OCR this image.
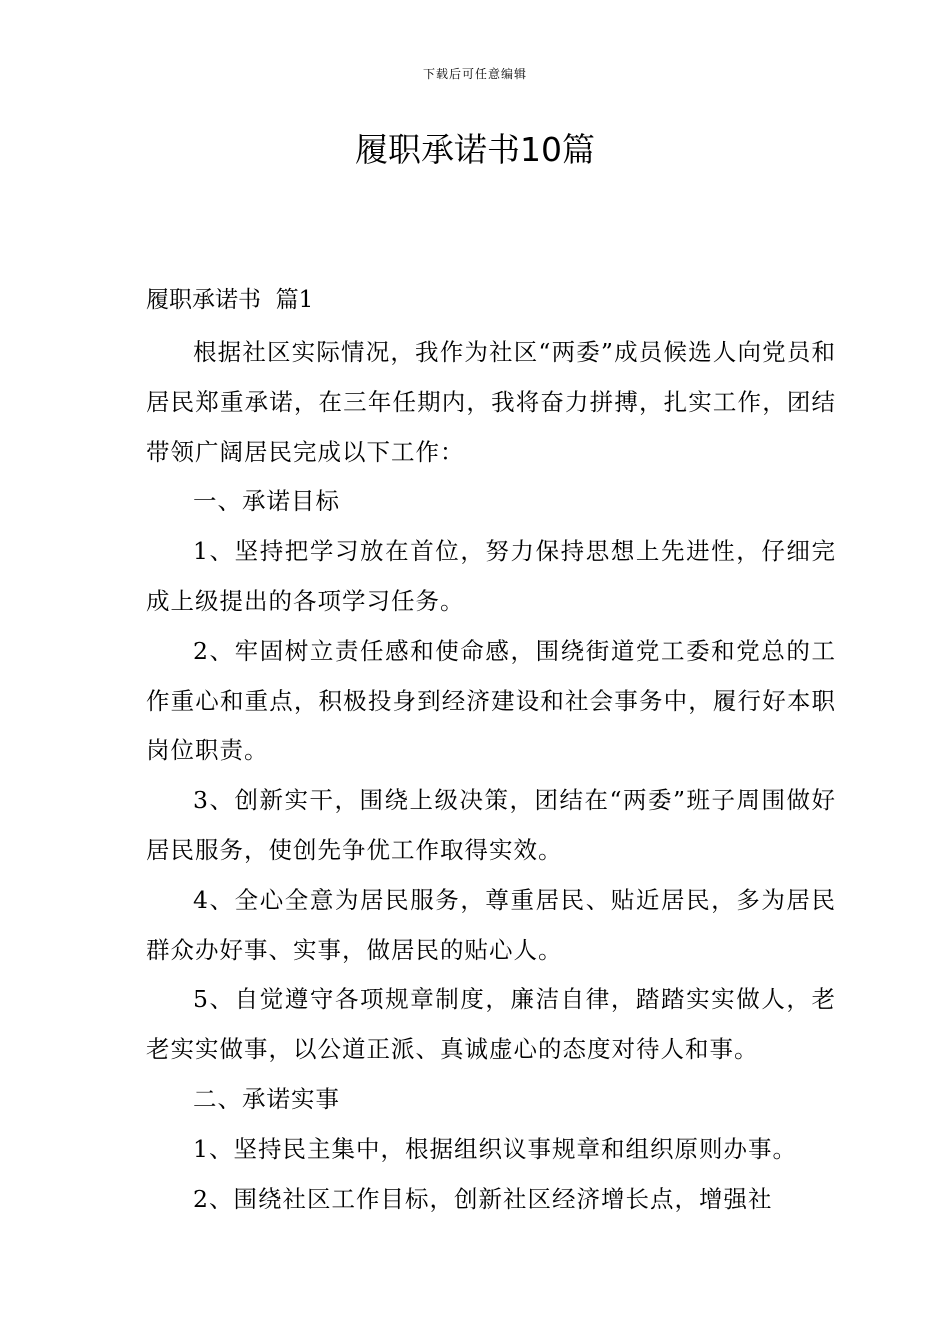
下载后可任意编辑
履职承诺书10篇
履职承诺书  篇1

根据社区实际情况，我作为社区“两委”成员候选人向党员和居民郑重承诺，在三年任期内，我将奋力拼搏，扎实工作，团结带领广阔居民完成以下工作：

一、承诺目标

1、坚持把学习放在首位，努力保持思想上先进性，仔细完成上级提出的各项学习任务。

2、牢固树立责任感和使命感，围绕街道党工委和党总的工作重心和重点，积极投身到经济建设和社会事务中，履行好本职岗位职责。

3、创新实干，围绕上级决策，团结在“两委”班子周围做好居民服务，使创先争优工作取得实效。

4、全心全意为居民服务，尊重居民、贴近居民，多为居民群众办好事、实事，做居民的贴心人。

5、自觉遵守各项规章制度，廉洁自律，踏踏实实做人，老老实实做事，以公道正派、真诚虚心的态度对待人和事。

二、承诺实事

1、坚持民主集中，根据组织议事规章和组织原则办事。

2、围绕社区工作目标，创新社区经济增长点，增强社
